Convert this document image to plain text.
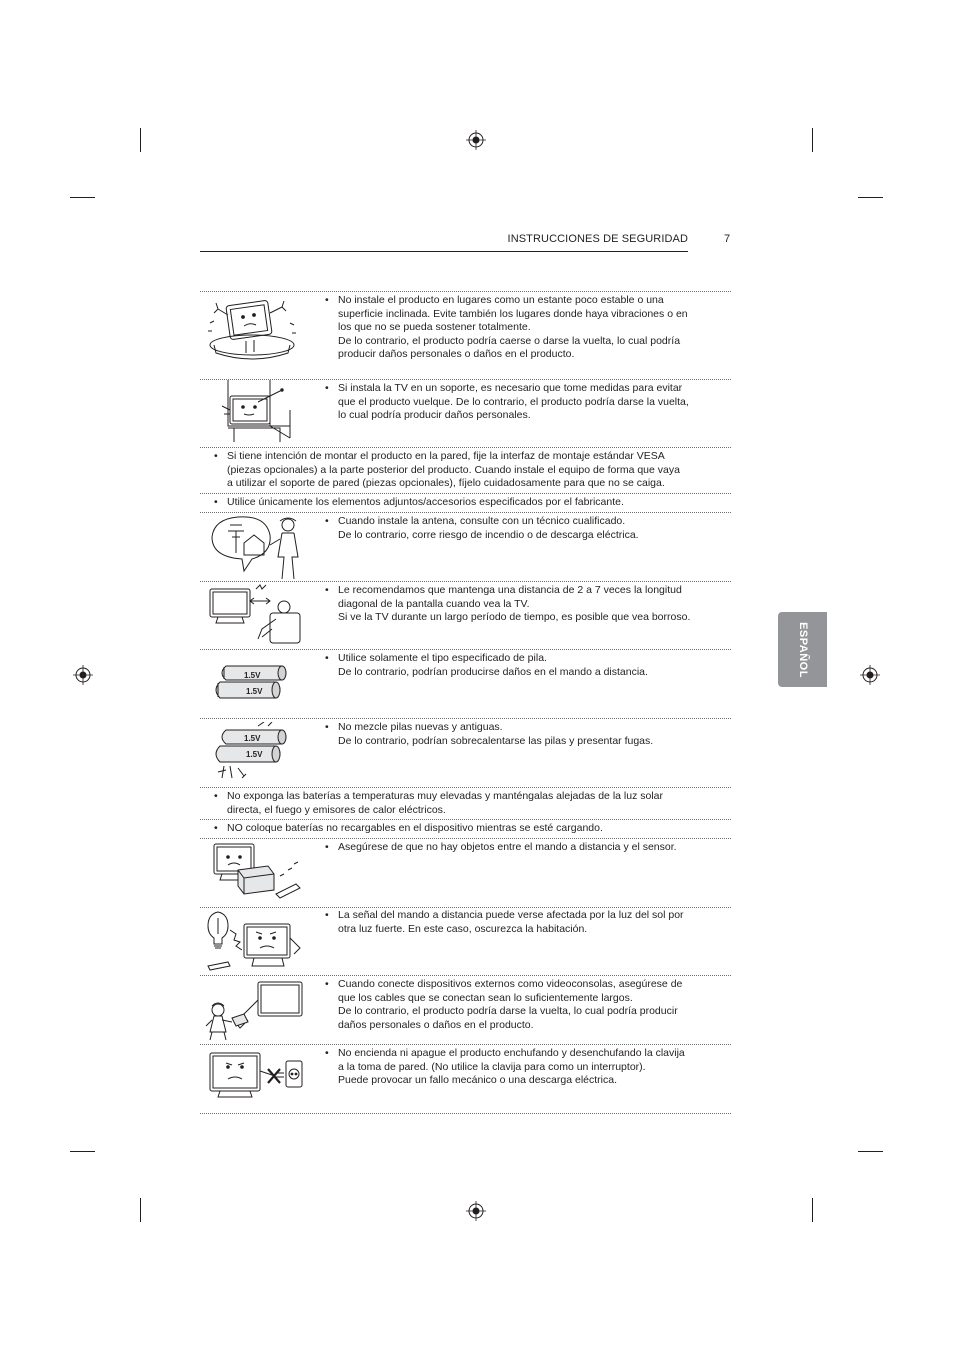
INSTRUCCIONES DE SEGURIDAD	7
ESPAÑOL
1.5V
1.5V
1.5V
1.5V
• No instale el producto en lugares como un estante poco estable o una

superficie inclinada. Evite también los lugares donde haya vibraciones o en

los que no se pueda sostener totalmente.

De lo contrario, el producto podría caerse o darse la vuelta, lo cual podría

producir daños personales o daños en el producto.

• Si instala la TV en un soporte, es necesario que tome medidas para evitar

que el producto vuelque. De lo contrario, el producto podría darse la vuelta,

lo cual podría producir daños personales.

• Si tiene intención de montar el producto en la pared, fije la interfaz de montaje estándar VESA

(piezas opcionales) a la parte posterior del producto. Cuando instale el equipo de forma que vaya

a utilizar el soporte de pared (piezas opcionales), fíjelo cuidadosamente para que no se caiga.

• Utilice únicamente los elementos adjuntos/accesorios especificados por el fabricante.

• Cuando instale la antena, consulte con un técnico cualificado.

De lo contrario, corre riesgo de incendio o de descarga eléctrica.

• Le recomendamos que mantenga una distancia de 2 a 7 veces la longitud

diagonal de la pantalla cuando vea la TV.

Si ve la TV durante un largo período de tiempo, es posible que vea borroso.

• Utilice solamente el tipo especificado de pila.

De lo contrario, podrían producirse daños en el mando a distancia.

• No mezcle pilas nuevas y antiguas.

De lo contrario, podrían sobrecalentarse las pilas y presentar fugas.

• No exponga las baterías a temperaturas muy elevadas y manténgalas alejadas de la luz solar

directa, el fuego y emisores de calor eléctricos.

• NO coloque baterías no recargables en el dispositivo mientras se esté cargando.

• Asegúrese de que no hay objetos entre el mando a distancia y el sensor.

• La señal del mando a distancia puede verse afectada por la luz del sol por

otra luz fuerte. En este caso, oscurezca la habitación.

• Cuando conecte dispositivos externos como videoconsolas, asegúrese de

que los cables que se conectan sean lo suficientemente largos.

De lo contrario, el producto podría darse la vuelta, lo cual podría producir

daños personales o daños en el producto.

• No encienda ni apague el producto enchufando y desenchufando la clavija

a la toma de pared. (No utilice la clavija para como un interruptor).

Puede provocar un fallo mecánico o una descarga eléctrica.
